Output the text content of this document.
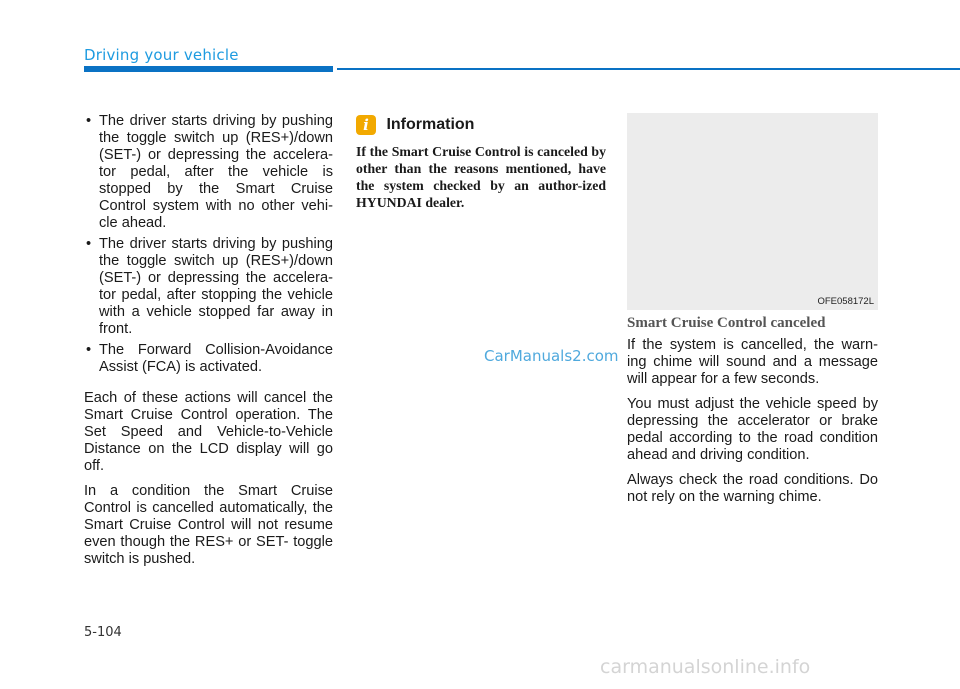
Driving your vehicle
• The driver starts driving by pushing the toggle switch up (RES+)/down (SET-) or depressing the accelera-tor pedal, after the vehicle is stopped by the Smart Cruise Control system with no other vehi-cle ahead.
• The driver starts driving by pushing the toggle switch up (RES+)/down (SET-) or depressing the accelera-tor pedal, after stopping the vehicle with a vehicle stopped far away in front.
• The Forward Collision-Avoidance Assist (FCA) is activated.

Each of these actions will cancel the Smart Cruise Control operation. The Set Speed and Vehicle-to-Vehicle Distance on the LCD display will go off.

In a condition the Smart Cruise Control is cancelled automatically, the Smart Cruise Control will not resume even though the RES+ or SET- toggle switch is pushed.

i Information
If the Smart Cruise Control is canceled by other than the reasons mentioned, have the system checked by an author-ized HYUNDAI dealer.
OFE058172L
Smart Cruise Control canceled

If the system is cancelled, the warn-ing chime will sound and a message will appear for a few seconds.

You must adjust the vehicle speed by depressing the accelerator or brake pedal according to the road condition ahead and driving condition.

Always check the road conditions. Do not rely on the warning chime.

CarManuals2.com
5-104
carmanualsonline.info
